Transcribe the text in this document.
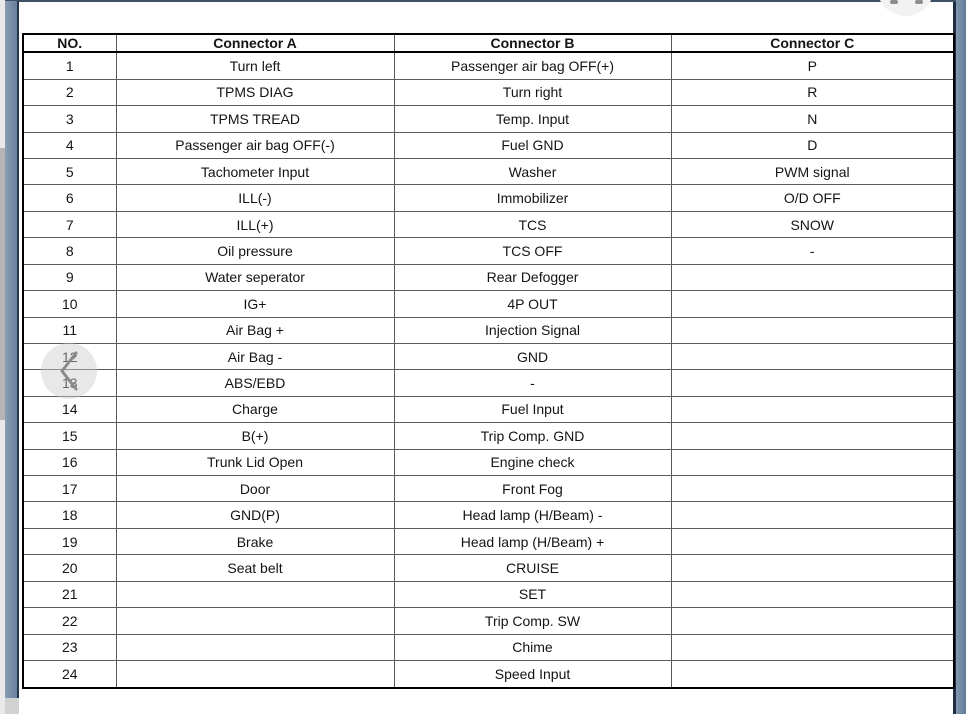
NO.	Connector A	Connector B	Connector C
1	Turn left	Passenger air bag OFF(+)	P
2	TPMS DIAG	Turn right	R
3	TPMS TREAD	Temp. Input	N
4	Passenger air bag OFF(-)	Fuel GND	D
5	Tachometer Input	Washer	PWM signal
6	ILL(-)	Immobilizer	O/D OFF
7	ILL(+)	TCS	SNOW
8	Oil pressure	TCS OFF	-
9	Water seperator	Rear Defogger	
10	IG+	4P OUT	
11	Air Bag +	Injection Signal	
12	Air Bag -	GND	
13	ABS/EBD	-	
14	Charge	Fuel Input	
15	B(+)	Trip Comp. GND	
16	Trunk Lid Open	Engine check	
17	Door	Front Fog	
18	GND(P)	Head lamp (H/Beam) -	
19	Brake	Head lamp (H/Beam) +	
20	Seat belt	CRUISE	
21		SET	
22		Trip Comp. SW	
23		Chime	
24		Speed Input	
